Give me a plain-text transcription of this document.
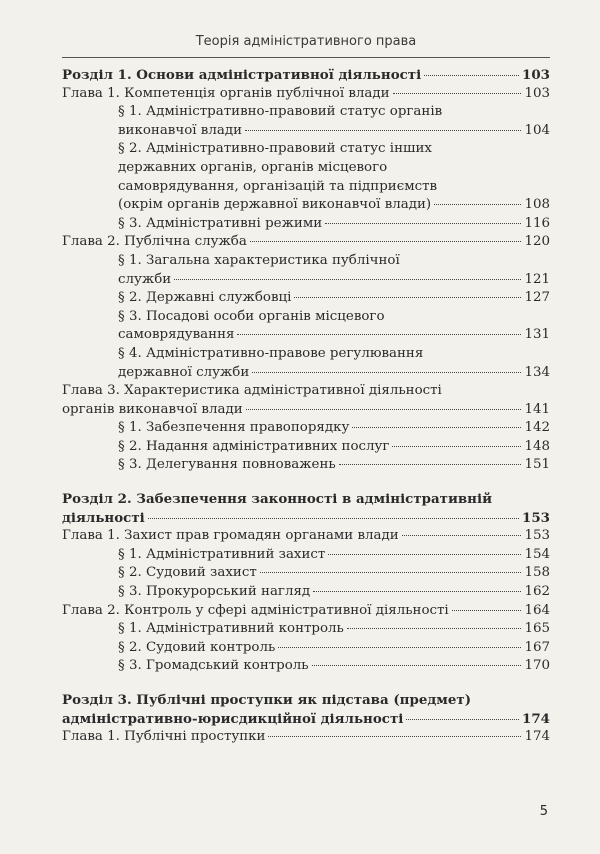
Теорія адміністративного права
Розділ 1. Основи адміністративної діяльності	103
Глава 1. Компетенція органів публічної влади	103
§ 1. Адміністративно-правовий статус органів
виконавчої влади	104
§ 2. Адміністративно-правовий статус інших
державних органів, органів місцевого
самоврядування, організацій та підприємств
(окрім органів державної виконавчої влади)	108
§ 3. Адміністративні режими	116
Глава 2. Публічна служба	120
§ 1. Загальна характеристика публічної
служби	121
§ 2. Державні службовці	127
§ 3. Посадові особи органів місцевого
самоврядування	131
§ 4. Адміністративно-правове регулювання
державної служби	134
Глава 3. Характеристика адміністративної діяльності
органів виконавчої влади	141
§ 1. Забезпечення правопорядку	142
§ 2. Надання адміністративних послуг	148
§ 3. Делегування повноважень	151
Розділ 2. Забезпечення законності в адміністративній
діяльності	153
Глава 1. Захист прав громадян органами влади	153
§ 1. Адміністративний захист	154
§ 2. Судовий захист	158
§ 3. Прокурорський нагляд	162
Глава 2. Контроль у сфері адміністративної діяльності	164
§ 1. Адміністративний контроль	165
§ 2. Судовий контроль	167
§ 3. Громадський контроль	170
Розділ 3. Публічні проступки як підстава (предмет)
адміністративно-юрисдикційної діяльності	174
Глава 1. Публічні проступки	174
5
